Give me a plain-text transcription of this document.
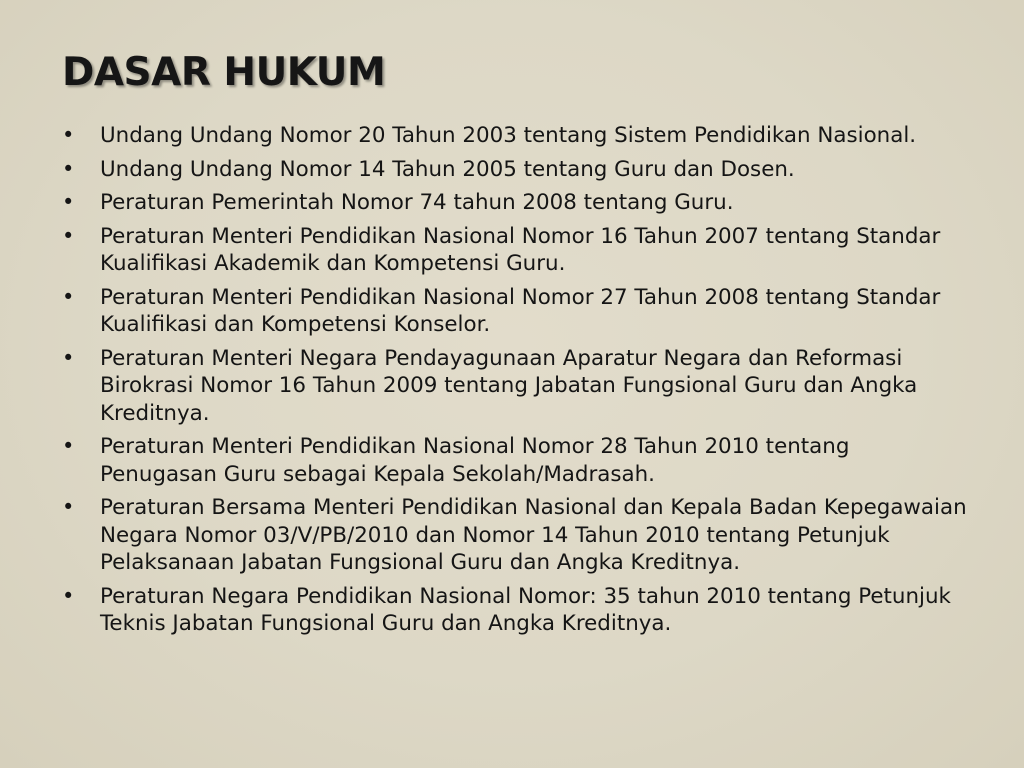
DASAR HUKUM
•	Undang Undang Nomor 20 Tahun 2003 tentang Sistem Pendidikan Nasional.
•	Undang Undang Nomor 14 Tahun 2005 tentang Guru dan Dosen.
•	Peraturan Pemerintah Nomor 74 tahun 2008 tentang Guru.
•	Peraturan Menteri Pendidikan Nasional Nomor 16 Tahun 2007 tentang Standar Kualifikasi Akademik dan Kompetensi Guru.
•	Peraturan Menteri Pendidikan Nasional Nomor 27 Tahun 2008 tentang Standar Kualifikasi dan Kompetensi Konselor.
•	Peraturan Menteri Negara Pendayagunaan Aparatur Negara dan Reformasi Birokrasi Nomor 16 Tahun 2009 tentang Jabatan Fungsional Guru dan Angka Kreditnya.
•	Peraturan Menteri Pendidikan Nasional Nomor 28 Tahun 2010 tentang Penugasan Guru sebagai Kepala Sekolah/Madrasah.
•	Peraturan Bersama Menteri Pendidikan Nasional dan Kepala Badan Kepegawaian Negara Nomor 03/V/PB/2010 dan Nomor 14 Tahun 2010 tentang Petunjuk Pelaksanaan Jabatan Fungsional Guru dan Angka Kreditnya.
•	Peraturan Negara Pendidikan Nasional Nomor: 35 tahun 2010 tentang Petunjuk Teknis Jabatan Fungsional Guru dan Angka Kreditnya.
